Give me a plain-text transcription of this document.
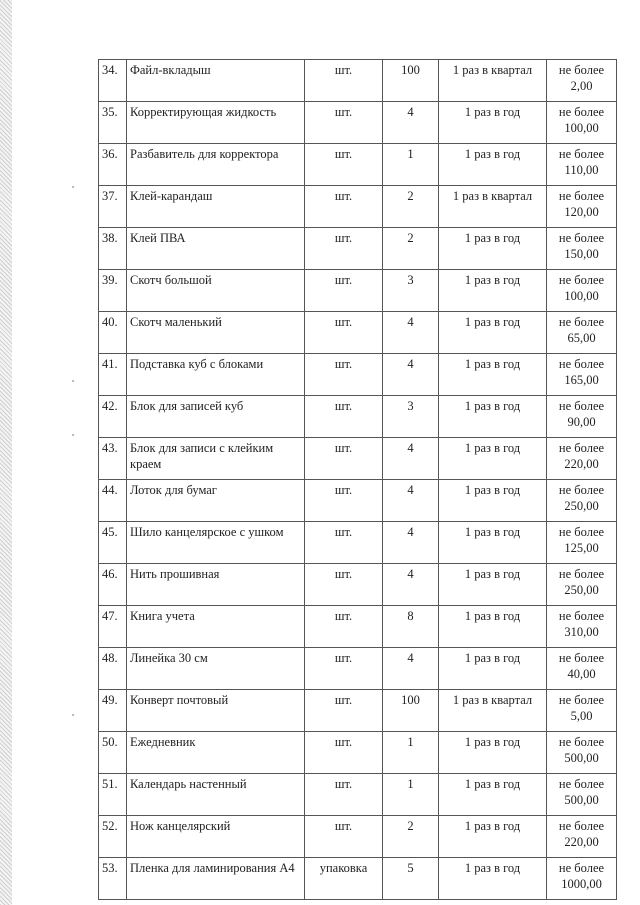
34.	Файл-вкладыш	шт.	100	1 раз в квартал	не более
2,00

35.	Корректирующая жидкость	шт.	4	1 раз в год	не более
100,00

36.	Разбавитель для корректора	шт.	1	1 раз в год	не более
110,00

37.	Клей-карандаш	шт.	2	1 раз в квартал	не более
120,00

38.	Клей ПВА	шт.	2	1 раз в год	не более
150,00

39.	Скотч большой	шт.	3	1 раз в год	не более
100,00

40.	Скотч маленький	шт.	4	1 раз в год	не более
65,00

41.	Подставка куб с блоками	шт.	4	1 раз в год	не более
165,00

42.	Блок для записей куб	шт.	3	1 раз в год	не более
90,00

43.	Блок для записи с клейким краем	шт.	4	1 раз в год	не более
220,00

44.	Лоток для бумаг	шт.	4	1 раз в год	не более
250,00

45.	Шило канцелярское с ушком	шт.	4	1 раз в год	не более
125,00

46.	Нить прошивная	шт.	4	1 раз в год	не более
250,00

47.	Книга учета	шт.	8	1 раз в год	не более
310,00

48.	Линейка 30 см	шт.	4	1 раз в год	не более
40,00

49.	Конверт почтовый	шт.	100	1 раз в квартал	не более
5,00

50.	Ежедневник	шт.	1	1 раз в год	не более
500,00

51.	Календарь настенный	шт.	1	1 раз в год	не более
500,00

52.	Нож канцелярский	шт.	2	1 раз в год	не более
220,00

53.	Пленка для ламинирования А4	упаковка	5	1 раз в год	не более
1000,00
